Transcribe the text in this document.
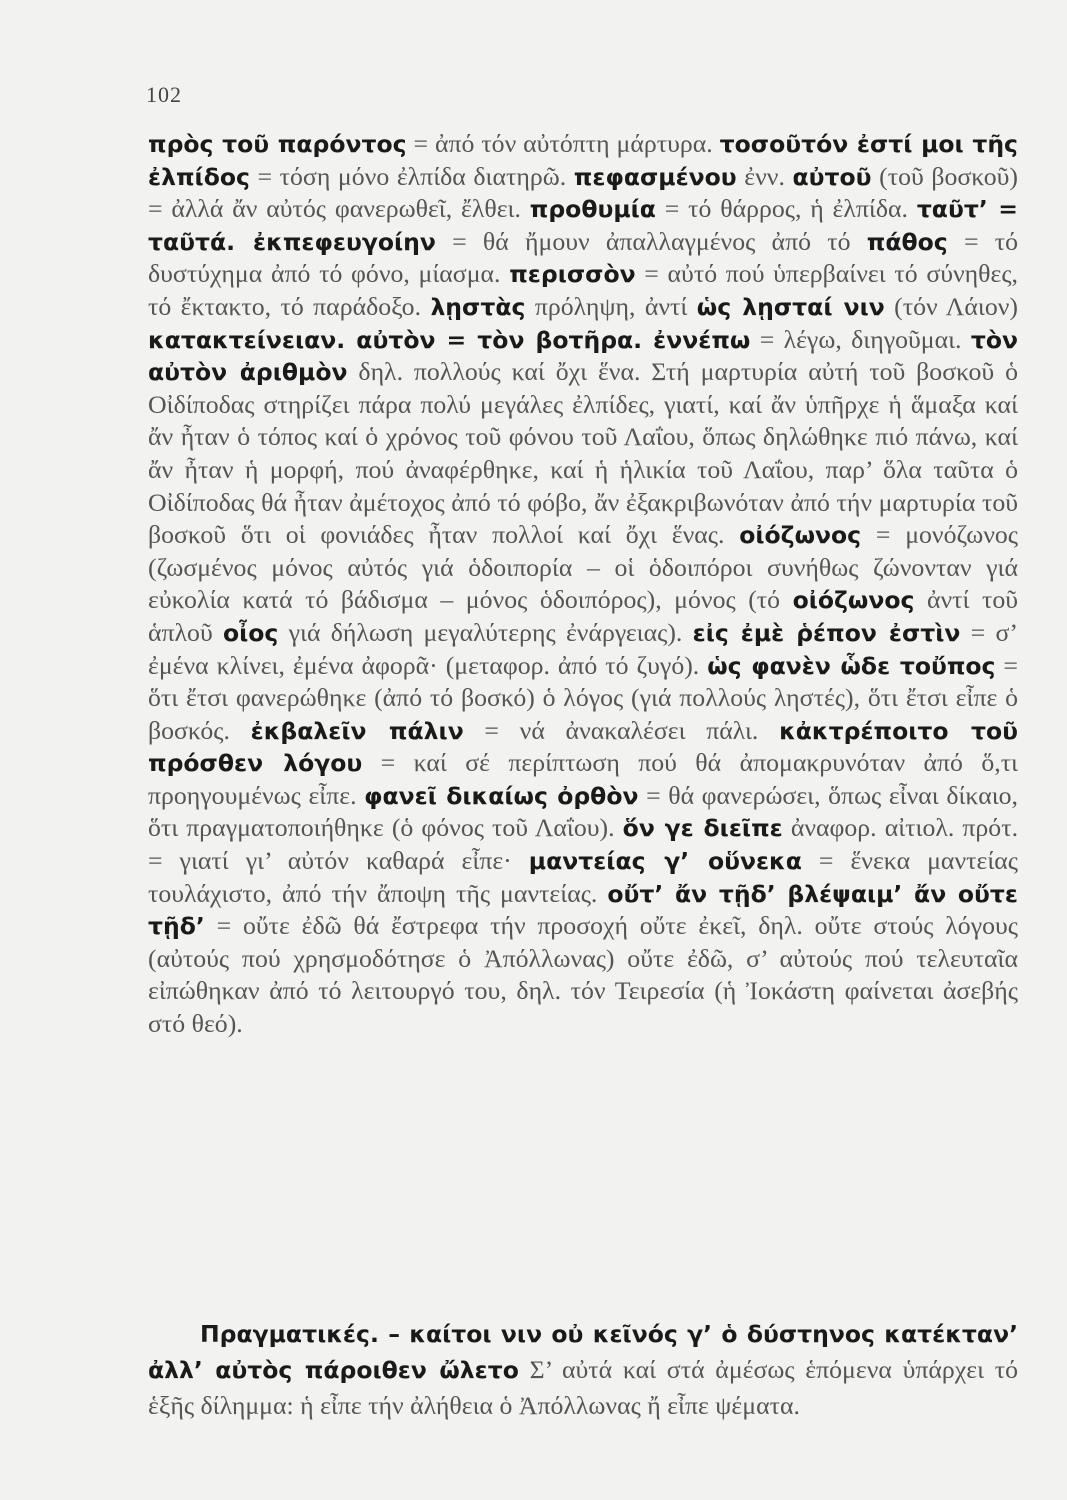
102

πρὸς τοῦ παρόντος = ἀπό τόν αὐτόπτη μάρτυρα. τοσοῦτόν ἐστί μοι τῆς ἐλπίδος = τόση μόνο ἐλπίδα διατηρῶ. πεφασμένου ἐνν. αὐτοῦ (τοῦ βοσκοῦ) = ἀλλά ἄν αὐτός φανερωθεῖ, ἔλθει. προθυμία = τό θάρρος, ἡ ἐλπίδα. ταῦτ’ = ταῦτά. ἐκπεφευγοίην = θά ἤμουν ἀπαλλαγμένος ἀπό τό πάθος = τό δυστύχημα ἀπό τό φόνο, μίασμα. περισσὸν = αὐτό πού ὑπερβαίνει τό σύνηθες, τό ἔκτακτο, τό παράδοξο. λῃστὰς πρόληψη, ἀντί ὡς λῃσταί νιν (τόν Λάιον) κατακτείνειαν. αὐτὸν = τὸν βοτῆρα. ἐννέπω = λέγω, διηγοῦμαι. τὸν αὐτὸν ἀριθμὸν δηλ. πολλούς καί ὄχι ἕνα. Στή μαρτυρία αὐτή τοῦ βοσκοῦ ὁ Οἰδίποδας στηρίζει πάρα πολύ μεγάλες ἐλπίδες, γιατί, καί ἄν ὑπῆρχε ἡ ἅμαξα καί ἄν ἦταν ὁ τόπος καί ὁ χρόνος τοῦ φόνου τοῦ Λαΐου, ὅπως δηλώθηκε πιό πάνω, καί ἄν ἦταν ἡ μορφή, πού ἀναφέρθηκε, καί ἡ ἡλικία τοῦ Λαΐου, παρ’ ὅλα ταῦτα ὁ Οἰδίποδας θά ἦταν ἀμέτοχος ἀπό τό φόβο, ἄν ἐξακριβωνόταν ἀπό τήν μαρτυρία τοῦ βοσκοῦ ὅτι οἱ φονιάδες ἦταν πολλοί καί ὄχι ἕνας. οἰόζωνος = μονόζωνος (ζωσμένος μόνος αὐτός γιά ὁδοιπορία – οἱ ὁδοιπόροι συνήθως ζώνονταν γιά εὐκολία κατά τό βάδισμα – μόνος ὁδοιπόρος), μόνος (τό οἰόζωνος ἀντί τοῦ ἁπλοῦ οἶος γιά δήλωση μεγαλύτερης ἐνάργειας). εἰς ἐμὲ ῥέπον ἐστὶν = σ’ ἐμένα κλίνει, ἐμένα ἀφορᾶ· (μεταφορ. ἀπό τό ζυγό). ὡς φανὲν ὧδε τοὔπος = ὅτι ἔτσι φανερώθηκε (ἀπό τό βοσκό) ὁ λόγος (γιά πολλούς ληστές), ὅτι ἔτσι εἶπε ὁ βοσκός. ἐκβαλεῖν πάλιν = νά ἀνακαλέσει πάλι. κἀκτρέποιτο τοῦ πρόσθεν λόγου = καί σέ περίπτωση πού θά ἀπομακρυνόταν ἀπό ὅ,τι προηγουμένως εἶπε. φανεῖ δικαίως ὀρθὸν = θά φανερώσει, ὅπως εἶναι δίκαιο, ὅτι πραγματοποιήθηκε (ὁ φόνος τοῦ Λαΐου). ὅν γε διεῖπε ἀναφορ. αἰτιολ. πρότ. = γιατί γι’ αὐτόν καθαρά εἶπε· μαντείας γ’ οὕνεκα = ἕνεκα μαντείας τουλάχιστο, ἀπό τήν ἄποψη τῆς μαντείας. οὔτ’ ἄν τῇδ’ βλέψαιμ’ ἄν οὔτε τῇδ’ = οὔτε ἐδῶ θά ἔστρεφα τήν προσοχή οὔτε ἐκεῖ, δηλ. οὔτε στούς λόγους (αὐτούς πού χρησμοδότησε ὁ Ἀπόλλωνας) οὔτε ἐδῶ, σ’ αὐτούς πού τελευταῖα εἰπώθηκαν ἀπό τό λειτουργό του, δηλ. τόν Τειρεσία (ἡ Ἰοκάστη φαίνεται ἀσεβής στό θεό).

Πραγματικές. – καίτοι νιν οὐ κεῖνός γ’ ὁ δύστηνος κατέκταν’ ἀλλ’ αὐτὸς πάροιθεν ὤλετο Σ’ αὐτά καί στά ἀμέσως ἑπόμενα ὑπάρχει τό ἑξῆς δίλημμα: ἡ εἶπε τήν ἀλήθεια ὁ Ἀπόλλωνας ἤ εἶπε ψέματα.
